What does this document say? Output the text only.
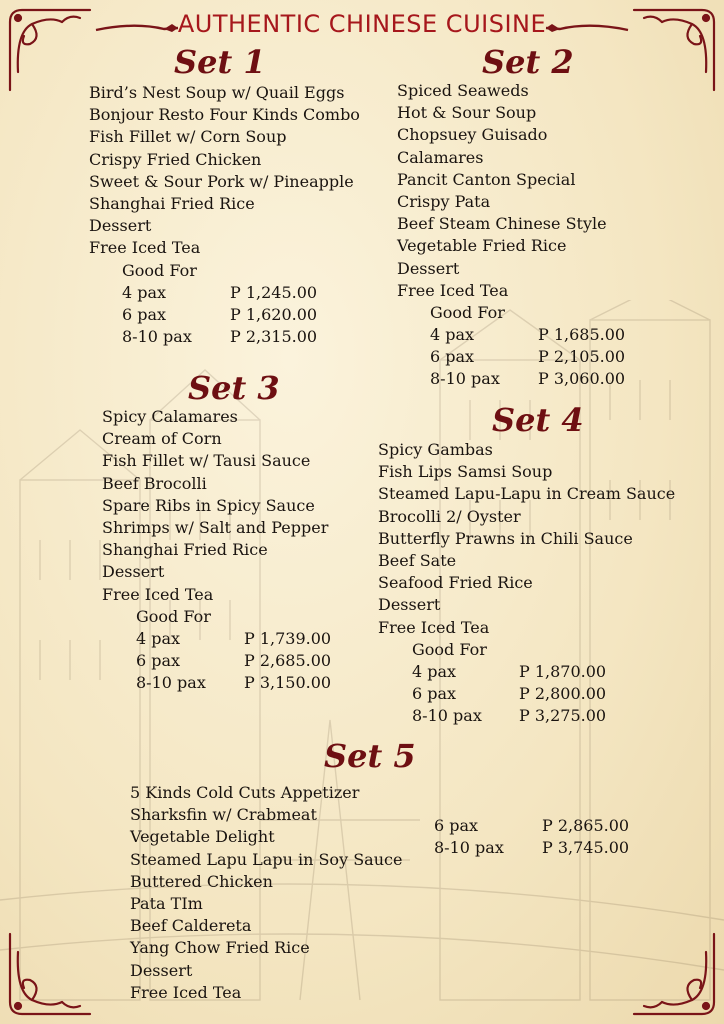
AUTHENTIC CHINESE CUISINE
Set 1
Bird’s Nest Soup w/ Quail Eggs
Bonjour Resto Four Kinds Combo
Fish Fillet w/ Corn Soup
Crispy Fried Chicken
Sweet & Sour Pork w/ Pineapple
Shanghai Fried Rice
Dessert
Free Iced Tea
Good For
4 pax	P 1,245.00
6 pax	P 1,620.00
8-10 pax P 2,315.00
Set 2
Spiced Seaweds
Hot & Sour Soup
Chopsuey Guisado
Calamares
Pancit Canton Special
Crispy Pata
Beef Steam Chinese Style
Vegetable Fried Rice
Dessert
Free Iced Tea
Good For
4 pax	P 1,685.00
6 pax	P 2,105.00
8-10 pax P 3,060.00
Set 3
Spicy Calamares
Cream of Corn
Fish Fillet w/ Tausi Sauce
Beef Brocolli
Spare Ribs in Spicy Sauce
Shrimps w/ Salt and Pepper
Shanghai Fried Rice
Dessert
Free Iced Tea
Good For
4 pax	P 1,739.00
6 pax	P 2,685.00
8-10 pax P 3,150.00
Set 4
Spicy Gambas
Fish Lips Samsi Soup
Steamed Lapu-Lapu in Cream Sauce
Brocolli 2/ Oyster
Butterfly Prawns in Chili Sauce
Beef Sate
Seafood Fried Rice
Dessert
Free Iced Tea
Good For
4 pax	P 1,870.00
6 pax	P 2,800.00
8-10 pax P 3,275.00
Set 5
5 Kinds Cold Cuts Appetizer
Sharksfin w/ Crabmeat
Vegetable Delight
Steamed Lapu Lapu in Soy Sauce
Buttered Chicken
Pata TIm
Beef Caldereta
Yang Chow Fried Rice
Dessert
Free Iced Tea
6 pax	P 2,865.00
8-10 pax P 3,745.00
